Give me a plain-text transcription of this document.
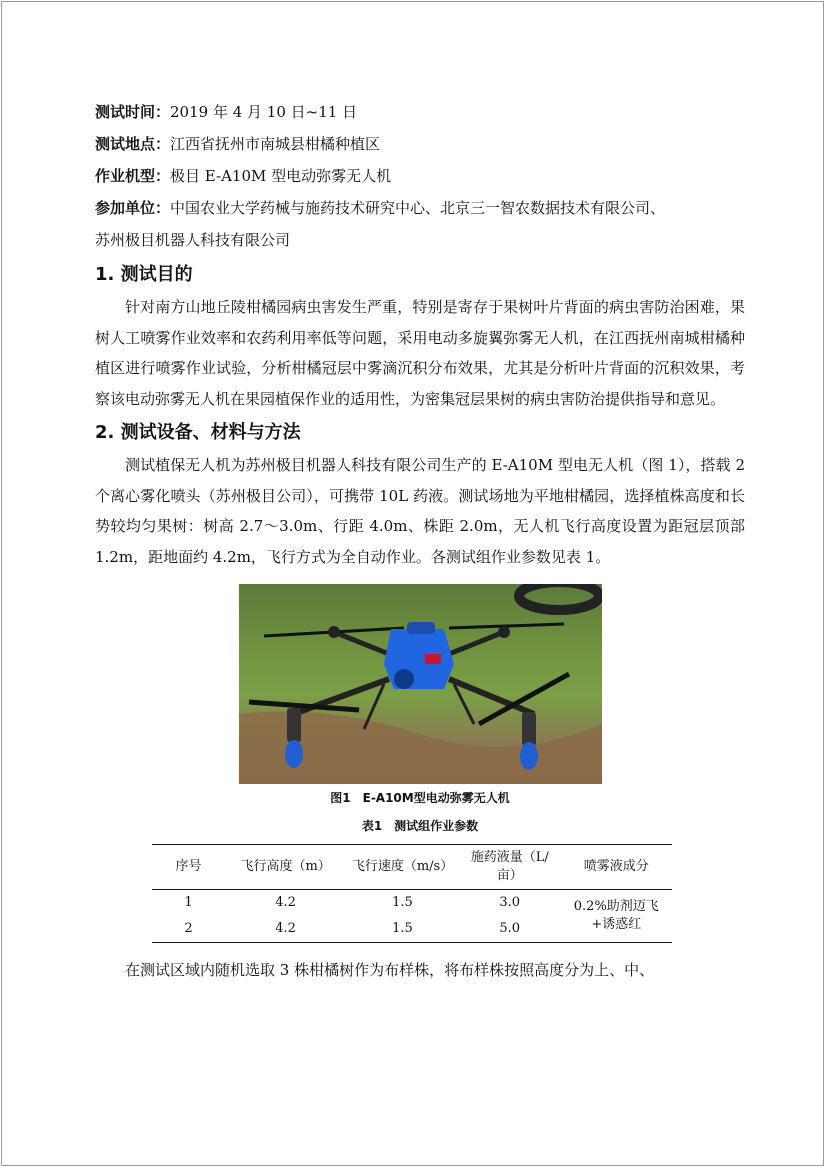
测试时间：2019 年 4 月 10 日~11 日

测试地点：江西省抚州市南城县柑橘种植区

作业机型：极目 E-A10M 型电动弥雾无人机

参加单位：中国农业大学药械与施药技术研究中心、北京三一智农数据技术有限公司、

苏州极目机器人科技有限公司

1. 测试目的

针对南方山地丘陵柑橘园病虫害发生严重，特别是寄存于果树叶片背面的病虫害防治困难，果树人工喷雾作业效率和农药利用率低等问题，采用电动多旋翼弥雾无人机，在江西抚州南城柑橘种植区进行喷雾作业试验，分析柑橘冠层中雾滴沉积分布效果，尤其是分析叶片背面的沉积效果，考察该电动弥雾无人机在果园植保作业的适用性，为密集冠层果树的病虫害防治提供指导和意见。

2. 测试设备、材料与方法

测试植保无人机为苏州极目机器人科技有限公司生产的 E-A10M 型电无人机（图 1），搭载 2 个离心雾化喷头（苏州极目公司），可携带 10L 药液。测试场地为平地柑橘园，选择植株高度和长势较均匀果树：树高 2.7～3.0m、行距 4.0m、株距 2.0m，无人机飞行高度设置为距冠层顶部 1.2m，距地面约 4.2m，飞行方式为全自动作业。各测试组作业参数见表 1。

图1　E-A10M型电动弥雾无人机
表1　测试组作业参数
序号	飞行高度（m）	飞行速度（m/s）	施药液量（L/亩）	喷雾液成分
1	4.2	1.5	3.0	0.2%助剂迈飞+诱惑红
2	4.2	1.5	5.0	

在测试区域内随机选取 3 株柑橘树作为布样株，将布样株按照高度分为上、中、
